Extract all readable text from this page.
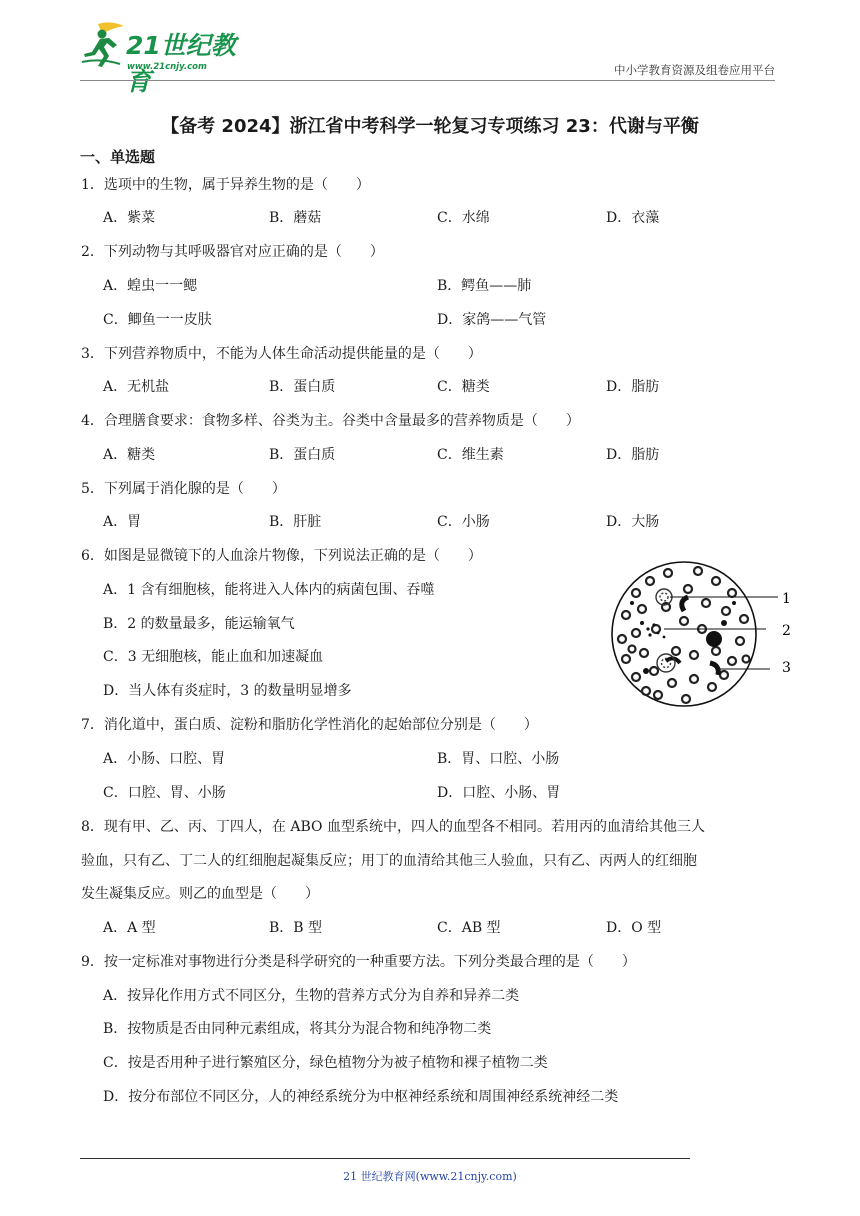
21世纪教育
www.21cnjy.com	中小学教育资源及组卷应用平台
【备考 2024】浙江省中考科学一轮复习专项练习 23：代谢与平衡
一、单选题
1．选项中的生物，属于异养生物的是（　　）
A．紫菜	B．蘑菇	C．水绵	D．衣藻
2．下列动物与其呼吸器官对应正确的是（　　）
A．蝗虫一一鳃	B．鳄鱼——肺
C．鲫鱼一一皮肤	D．家鸽——气管
3．下列营养物质中，不能为人体生命活动提供能量的是（　　）
A．无机盐	B．蛋白质	C．糖类	D．脂肪
4．合理膳食要求：食物多样、谷类为主。谷类中含量最多的营养物质是（　　）
A．糖类	B．蛋白质	C．维生素	D．脂肪
5．下列属于消化腺的是（　　）
A．胃	B．肝脏	C．小肠	D．大肠
6．如图是显微镜下的人血涂片物像，下列说法正确的是（　　）
A．1 含有细胞核，能将进入人体内的病菌包围、吞噬
B．2 的数量最多，能运输氧气
C．3 无细胞核，能止血和加速凝血
D．当人体有炎症时，3 的数量明显增多
1
2
3
7．消化道中，蛋白质、淀粉和脂肪化学性消化的起始部位分别是（　　）
A．小肠、口腔、胃	B．胃、口腔、小肠
C．口腔、胃、小肠	D．口腔、小肠、胃
8．现有甲、乙、丙、丁四人，在 ABO 血型系统中，四人的血型各不相同。若用丙的血清给其他三人
验血，只有乙、丁二人的红细胞起凝集反应；用丁的血清给其他三人验血，只有乙、丙两人的红细胞
发生凝集反应。则乙的血型是（　　）
A．A 型	B．B 型	C．AB 型	D．O 型
9．按一定标准对事物进行分类是科学研究的一种重要方法。下列分类最合理的是（　　）
A．按异化作用方式不同区分，生物的营养方式分为自养和异养二类
B．按物质是否由同种元素组成，将其分为混合物和纯净物二类
C．按是否用种子进行繁殖区分，绿色植物分为被子植物和裸子植物二类
D．按分布部位不同区分，人的神经系统分为中枢神经系统和周围神经系统神经二类
21 世纪教育网(www.21cnjy.com)
